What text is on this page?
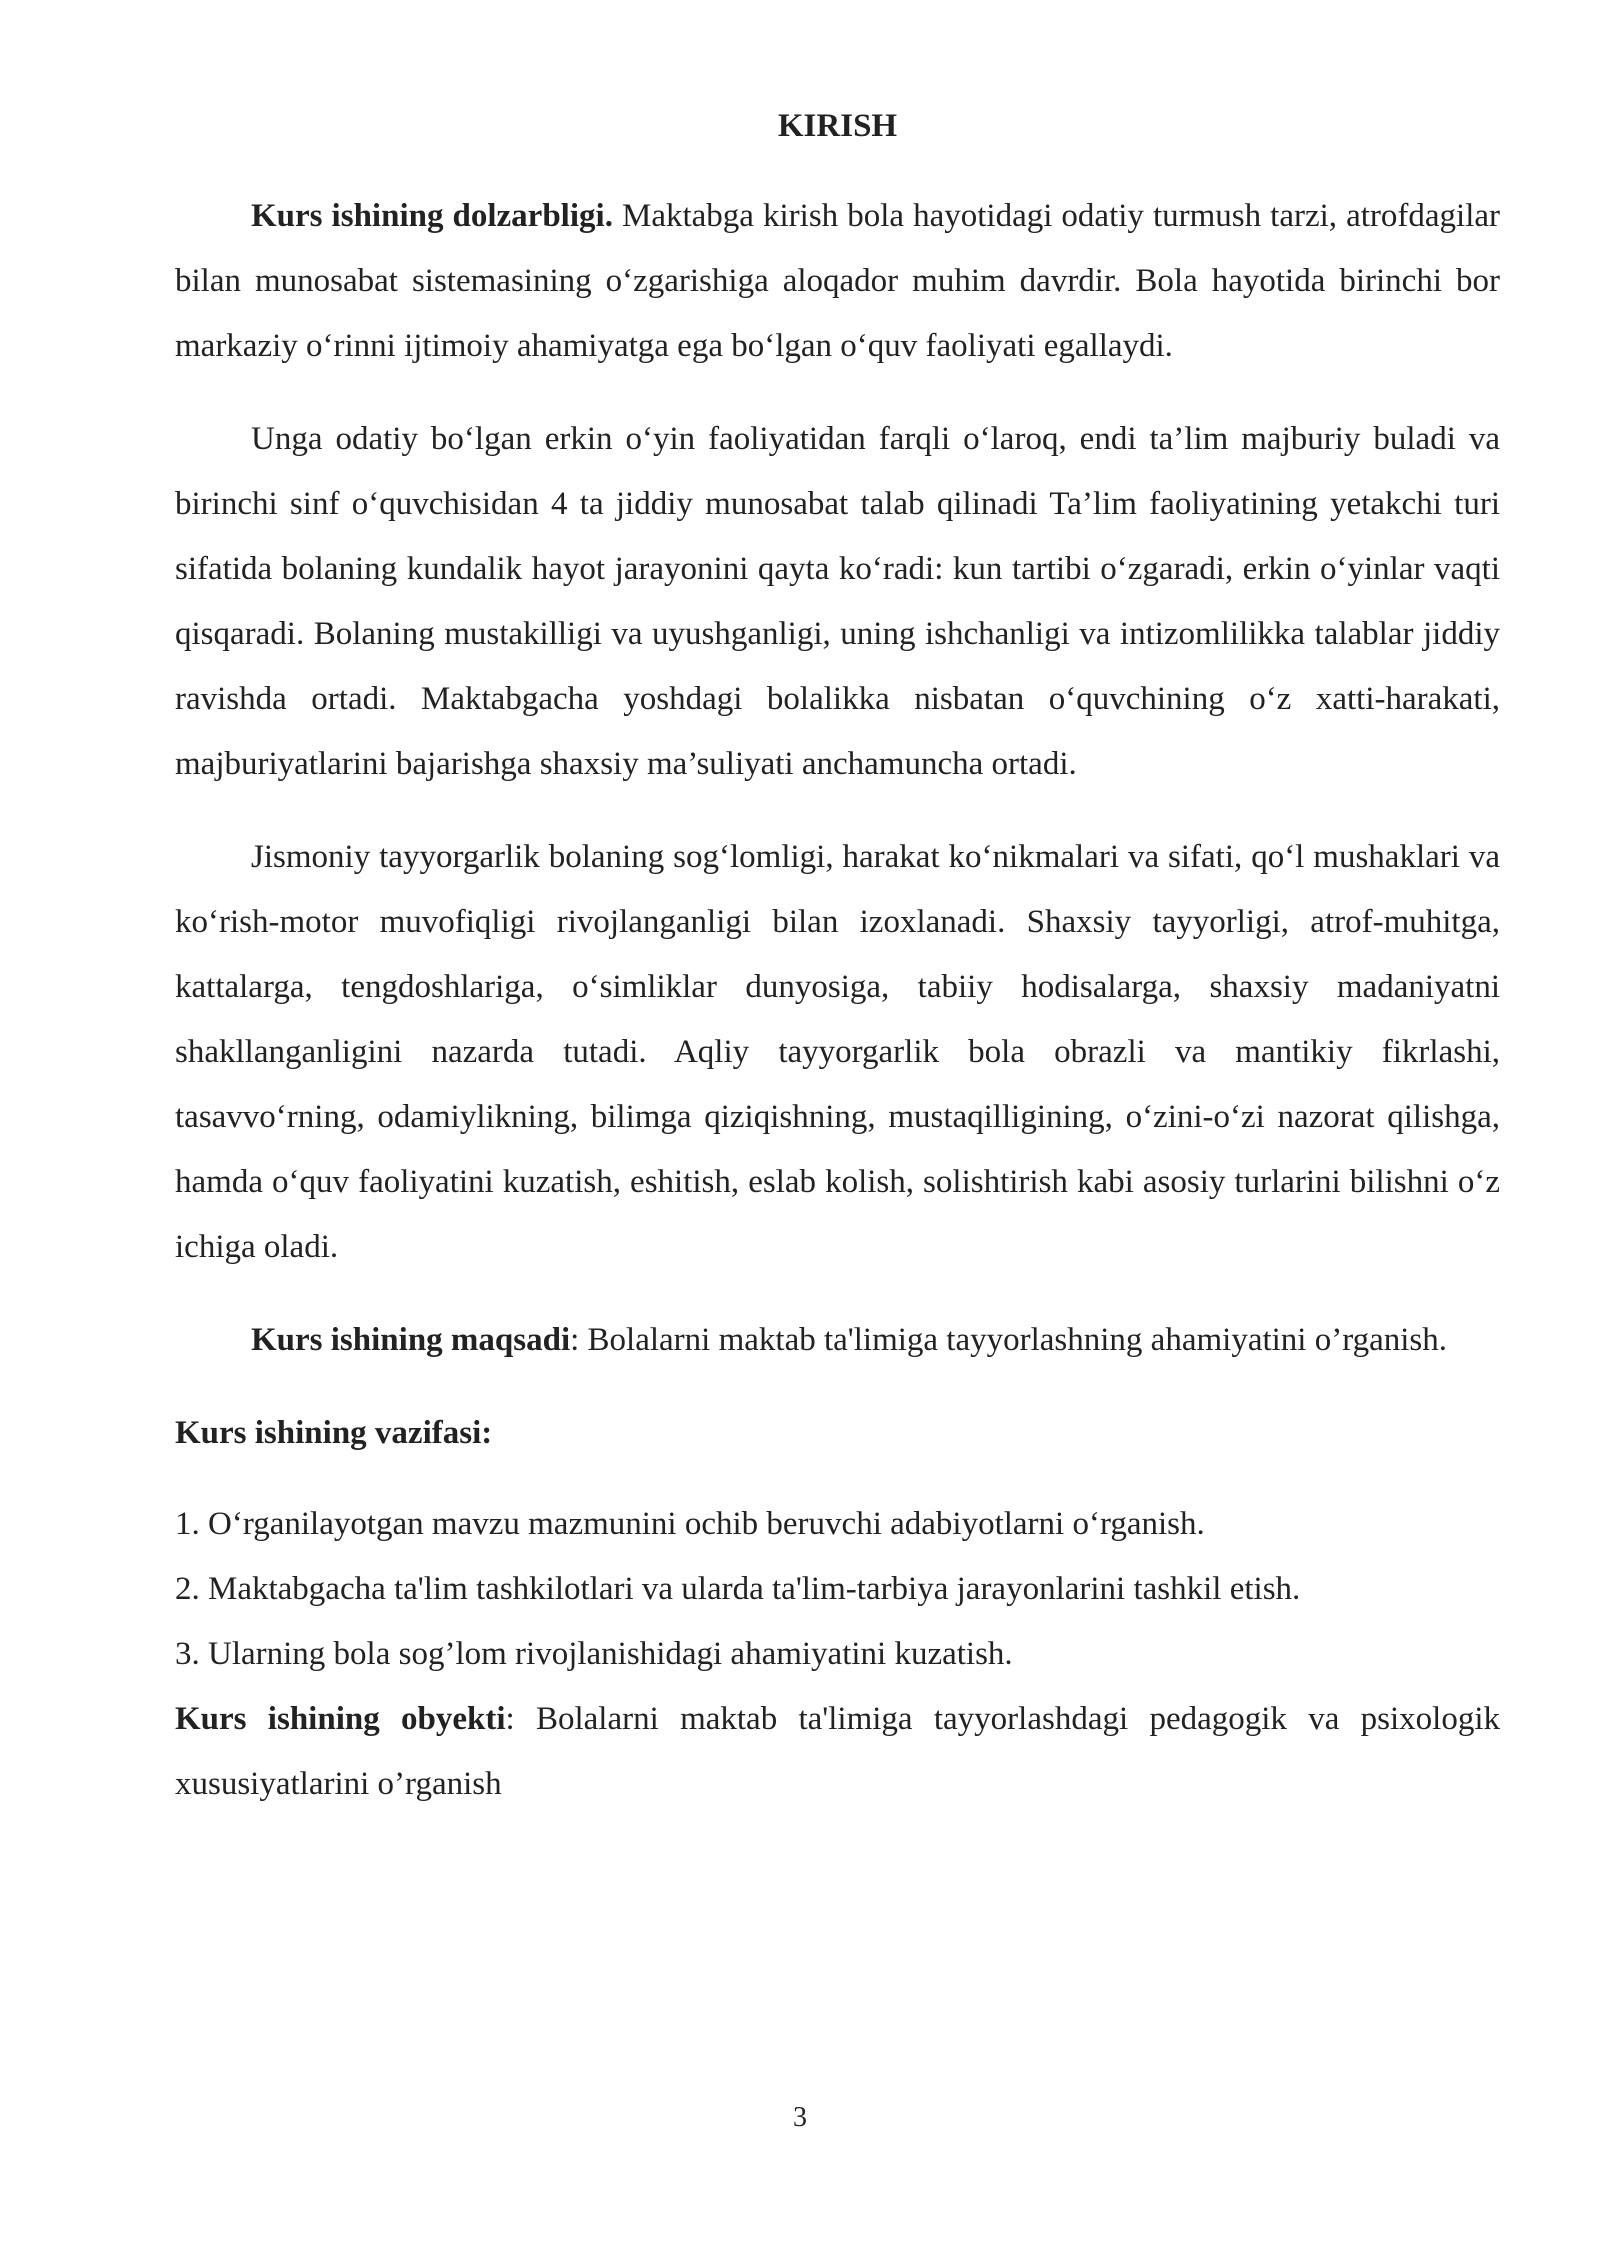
KIRISH

Kurs ishining dolzarbligi. Maktabga kirish bola hayotidagi odatiy turmush tarzi, atrofdagilar bilan munosabat sistemasining o‘zgarishiga aloqador muhim davrdir. Bola hayotida birinchi bor markaziy o‘rinni ijtimoiy ahamiyatga ega bo‘lgan o‘quv faoliyati egallaydi.

Unga odatiy bo‘lgan erkin o‘yin faoliyatidan farqli o‘laroq, endi ta’lim majburiy buladi va birinchi sinf o‘quvchisidan 4 ta jiddiy munosabat talab qilinadi Ta’lim faoliyatining yetakchi turi sifatida bolaning kundalik hayot jarayonini qayta ko‘radi: kun tartibi o‘zgaradi, erkin o‘yinlar vaqti qisqaradi. Bolaning mustakilligi va uyushganligi, uning ishchanligi va intizomlilikka talablar jiddiy ravishda ortadi. Maktabgacha yoshdagi bolalikka nisbatan o‘quvchining o‘z xatti-harakati, majburiyatlarini bajarishga shaxsiy ma’suliyati anchamuncha ortadi.

Jismoniy tayyorgarlik bolaning sog‘lomligi, harakat ko‘nikmalari va sifati, qo‘l mushaklari va ko‘rish-motor muvofiqligi rivojlanganligi bilan izoxlanadi. Shaxsiy tayyorligi, atrof-muhitga, kattalarga, tengdoshlariga, o‘simliklar dunyosiga, tabiiy hodisalarga, shaxsiy madaniyatni shakllanganligini nazarda tutadi. Aqliy tayyorgarlik bola obrazli va mantikiy fikrlashi, tasavvo‘rning, odamiylikning, bilimga qiziqishning, mustaqilligining, o‘zini-o‘zi nazorat qilishga, hamda o‘quv faoliyatini kuzatish, eshitish, eslab kolish, solishtirish kabi asosiy turlarini bilishni o‘z ichiga oladi.

Kurs ishining maqsadi: Bolalarni maktab ta'limiga tayyorlashning ahamiyatini o’rganish.

Kurs ishining vazifasi:

1. O‘rganilayotgan mavzu mazmunini ochib beruvchi adabiyotlarni o‘rganish.

2. Maktabgacha ta'lim tashkilotlari va ularda ta'lim-tarbiya jarayonlarini tashkil etish.

3. Ularning bola sog’lom rivojlanishidagi ahamiyatini kuzatish.

Kurs ishining obyekti: Bolalarni maktab ta'limiga tayyorlashdagi pedagogik va psixologik xususiyatlarini o’rganish

3
